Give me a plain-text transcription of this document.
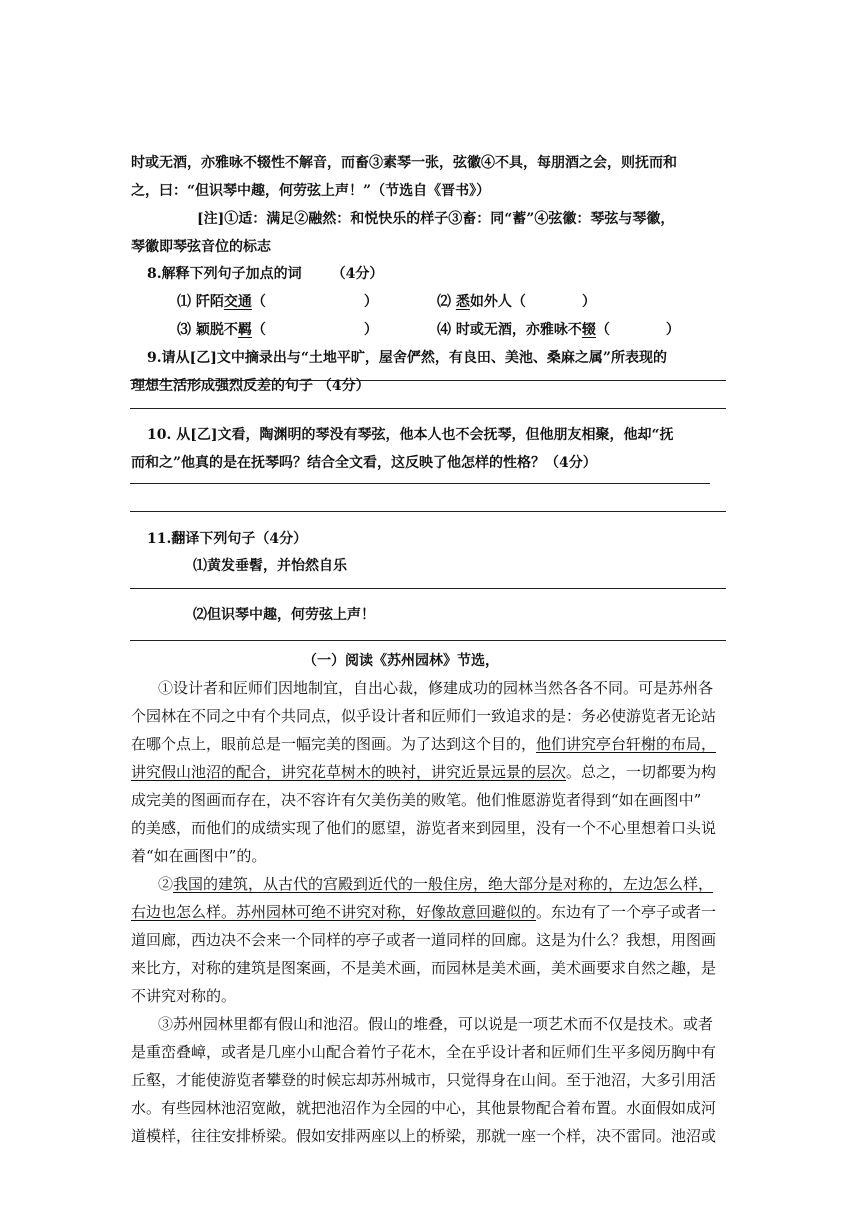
时或无酒，亦雅咏不辍性不解音，而畜③素琴一张，弦徽④不具，每朋酒之会，则抚而和
之，曰：“但识琴中趣，何劳弦上声！”（节选自《晋书》）
[注]①适：满足②融然：和悦快乐的样子③畜：同“蓄”④弦徽：琴弦与琴徽，
琴徽即琴弦音位的标志
8.解释下列句子加点的词 （4分）
⑴ 阡陌交通（	）	⑵ 悉如外人（	）
⑶ 颖脱不羁（	）	⑷ 时或无酒，亦雅咏不辍（	）
9.请从[乙]文中摘录出与“土地平旷，屋舍俨然，有良田、美池、桑麻之属”所表现的
理想生活形成强烈反差的句子 （4分）
10. 从[乙]文看，陶渊明的琴没有琴弦，他本人也不会抚琴，但他朋友相聚，他却“抚
而和之”他真的是在抚琴吗？结合全文看，这反映了他怎样的性格？（4分）
11.翻译下列句子（4分）
⑴黄发垂髫，并怡然自乐
⑵但识琴中趣，何劳弦上声！
（一）阅读《苏州园林》节选，
①设计者和匠师们因地制宜，自出心裁，修建成功的园林当然各各不同。可是苏州各
个园林在不同之中有个共同点，似乎设计者和匠师们一致追求的是：务必使游览者无论站
在哪个点上，眼前总是一幅完美的图画。为了达到这个目的，他们讲究亭台轩榭的布局，
讲究假山池沼的配合，讲究花草树木的映衬，讲究近景远景的层次。总之，一切都要为构
成完美的图画而存在，决不容许有欠美伤美的败笔。他们惟愿游览者得到“如在画图中”
的美感，而他们的成绩实现了他们的愿望，游览者来到园里，没有一个不心里想着口头说
着“如在画图中”的。
②我国的建筑，从古代的宫殿到近代的一般住房，绝大部分是对称的，左边怎么样，
右边也怎么样。苏州园林可绝不讲究对称，好像故意回避似的。东边有了一个亭子或者一
道回廊，西边决不会来一个同样的亭子或者一道同样的回廊。这是为什么？我想，用图画
来比方，对称的建筑是图案画，不是美术画，而园林是美术画，美术画要求自然之趣，是
不讲究对称的。
③苏州园林里都有假山和池沼。假山的堆叠，可以说是一项艺术而不仅是技术。或者
是重峦叠嶂，或者是几座小山配合着竹子花木，全在乎设计者和匠师们生平多阅历胸中有
丘壑，才能使游览者攀登的时候忘却苏州城市，只觉得身在山间。至于池沼，大多引用活
水。有些园林池沼宽敞，就把池沼作为全园的中心，其他景物配合着布置。水面假如成河
道模样，往往安排桥梁。假如安排两座以上的桥梁，那就一座一个样，决不雷同。池沼或
